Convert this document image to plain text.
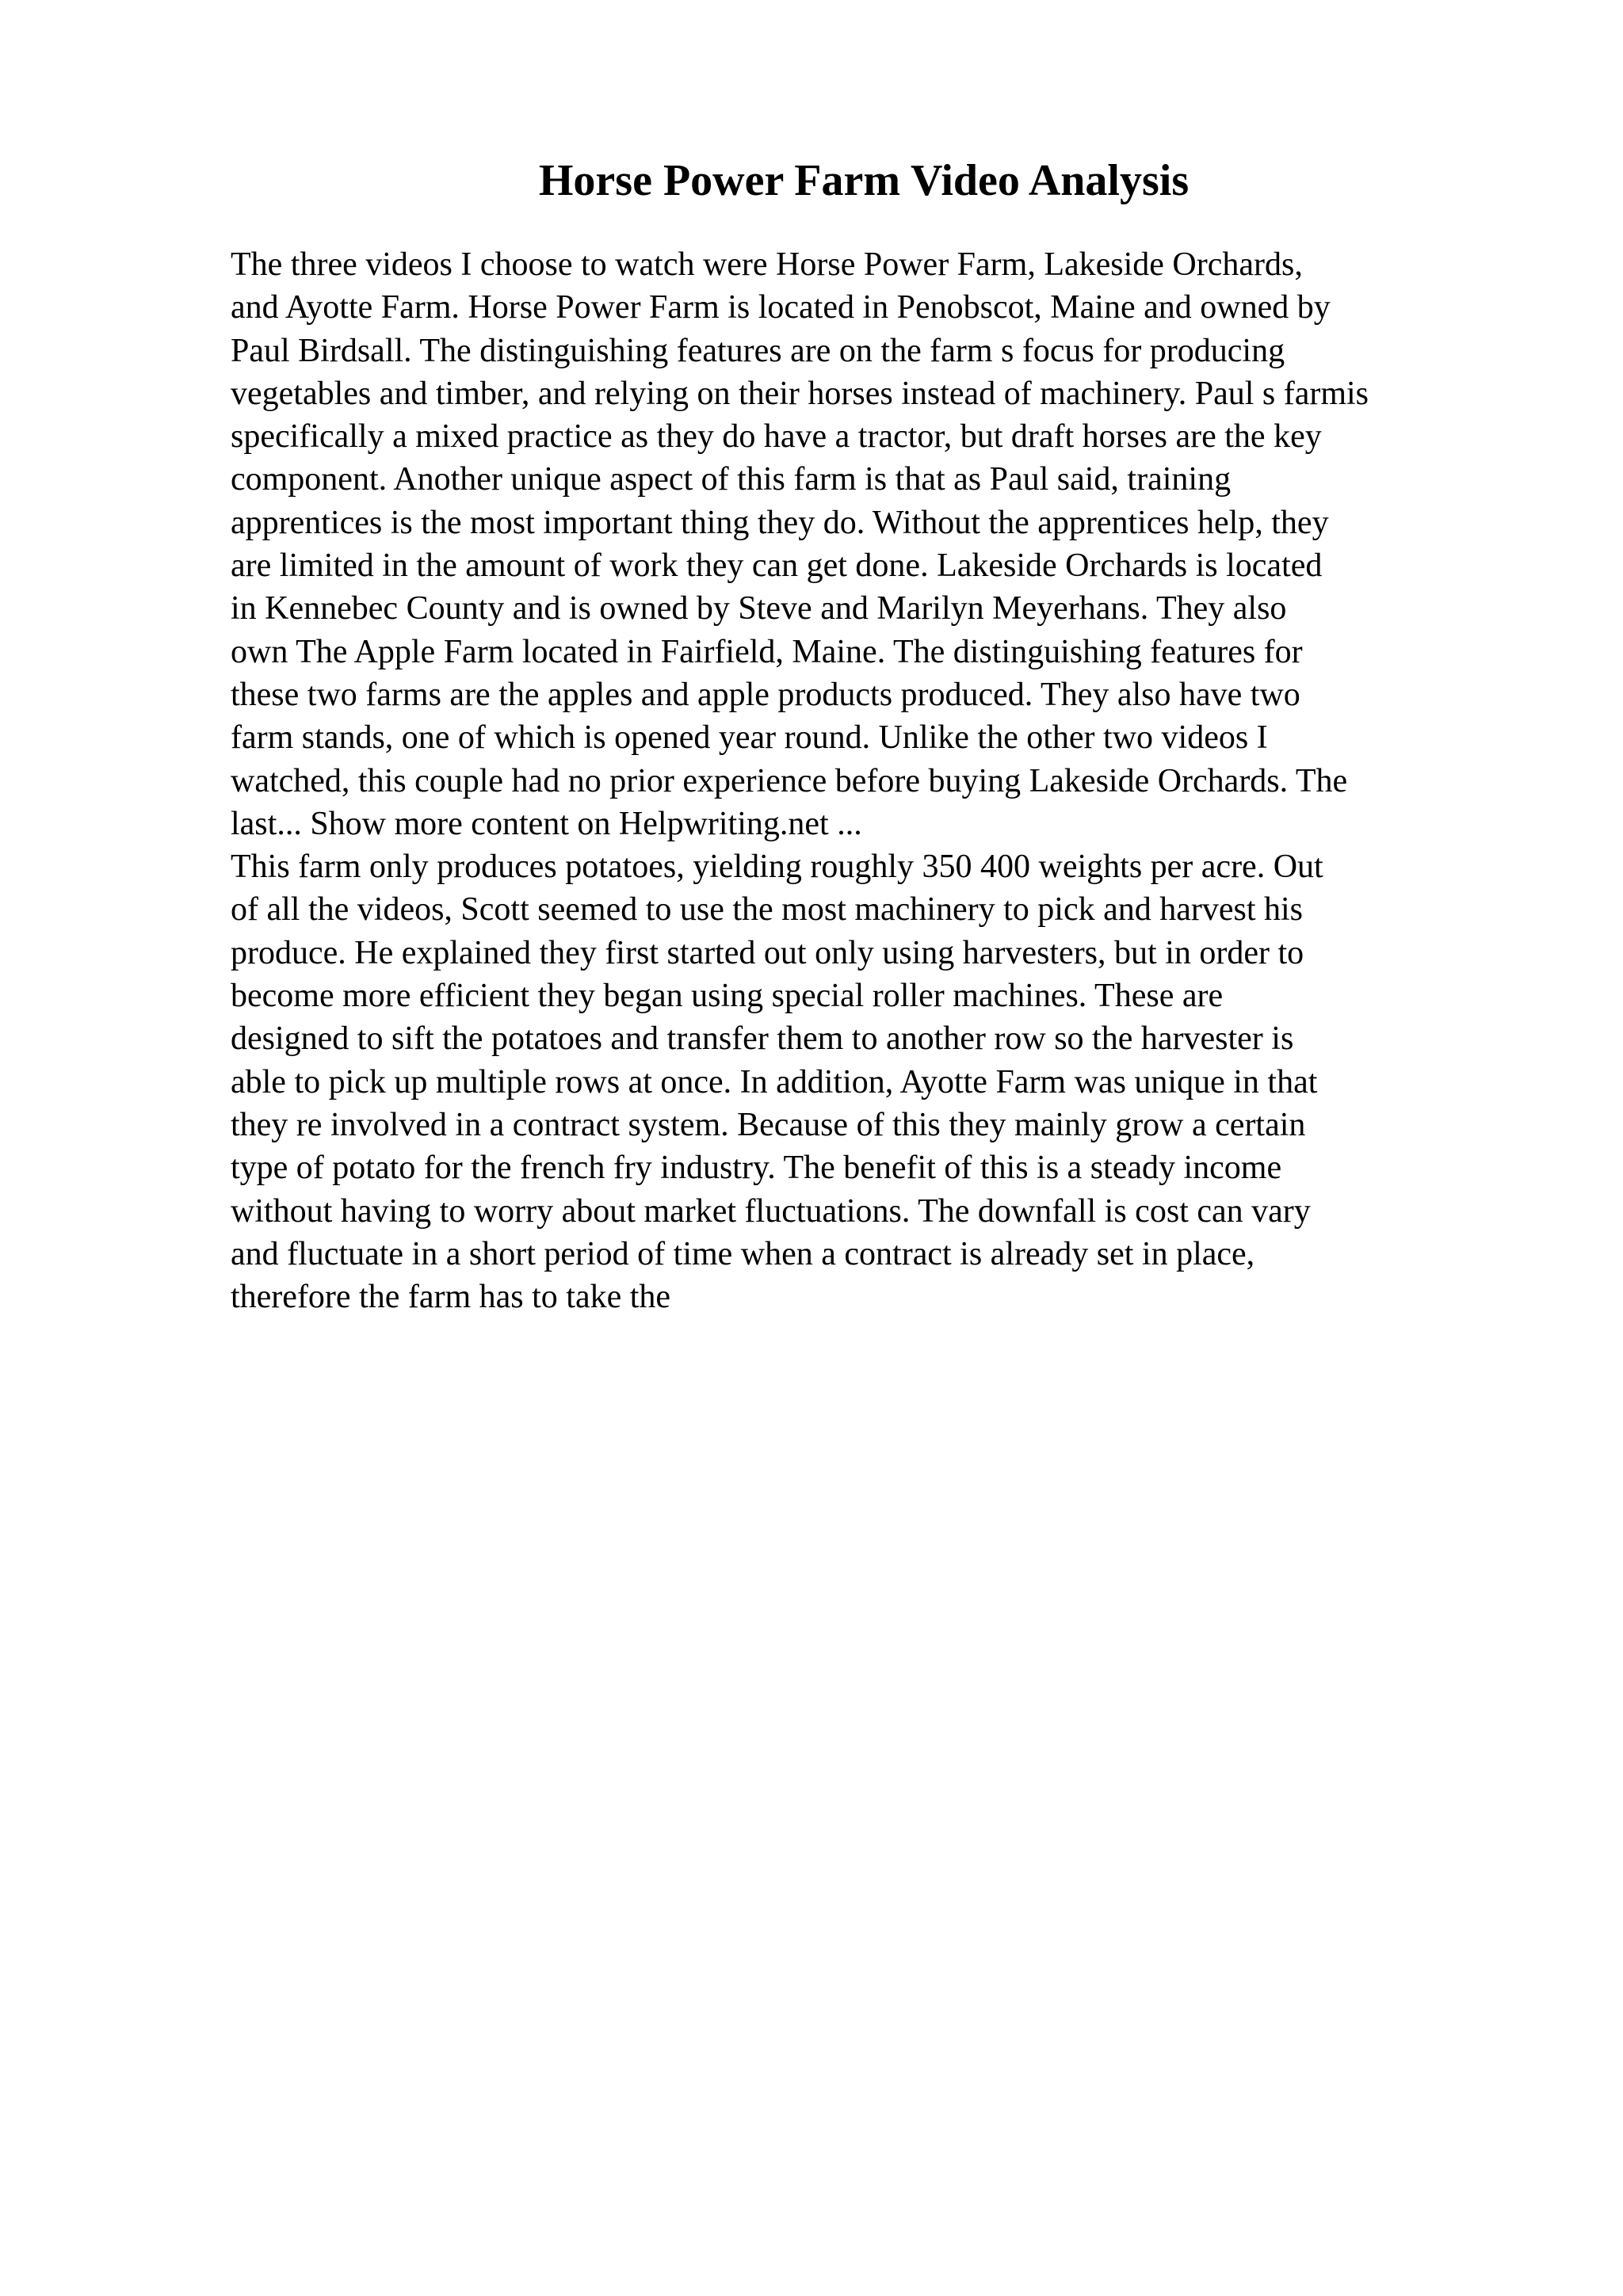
Horse Power Farm Video Analysis
The three videos I choose to watch were Horse Power Farm, Lakeside Orchards,
and Ayotte Farm. Horse Power Farm is located in Penobscot, Maine and owned by
Paul Birdsall. The distinguishing features are on the farm s focus for producing
vegetables and timber, and relying on their horses instead of machinery. Paul s farmis
specifically a mixed practice as they do have a tractor, but draft horses are the key
component. Another unique aspect of this farm is that as Paul said, training
apprentices is the most important thing they do. Without the apprentices help, they
are limited in the amount of work they can get done. Lakeside Orchards is located
in Kennebec County and is owned by Steve and Marilyn Meyerhans. They also
own The Apple Farm located in Fairfield, Maine. The distinguishing features for
these two farms are the apples and apple products produced. They also have two
farm stands, one of which is opened year round. Unlike the other two videos I
watched, this couple had no prior experience before buying Lakeside Orchards. The
last... Show more content on Helpwriting.net ...
This farm only produces potatoes, yielding roughly 350 400 weights per acre. Out
of all the videos, Scott seemed to use the most machinery to pick and harvest his
produce. He explained they first started out only using harvesters, but in order to
become more efficient they began using special roller machines. These are
designed to sift the potatoes and transfer them to another row so the harvester is
able to pick up multiple rows at once. In addition, Ayotte Farm was unique in that
they re involved in a contract system. Because of this they mainly grow a certain
type of potato for the french fry industry. The benefit of this is a steady income
without having to worry about market fluctuations. The downfall is cost can vary
and fluctuate in a short period of time when a contract is already set in place,
therefore the farm has to take the
